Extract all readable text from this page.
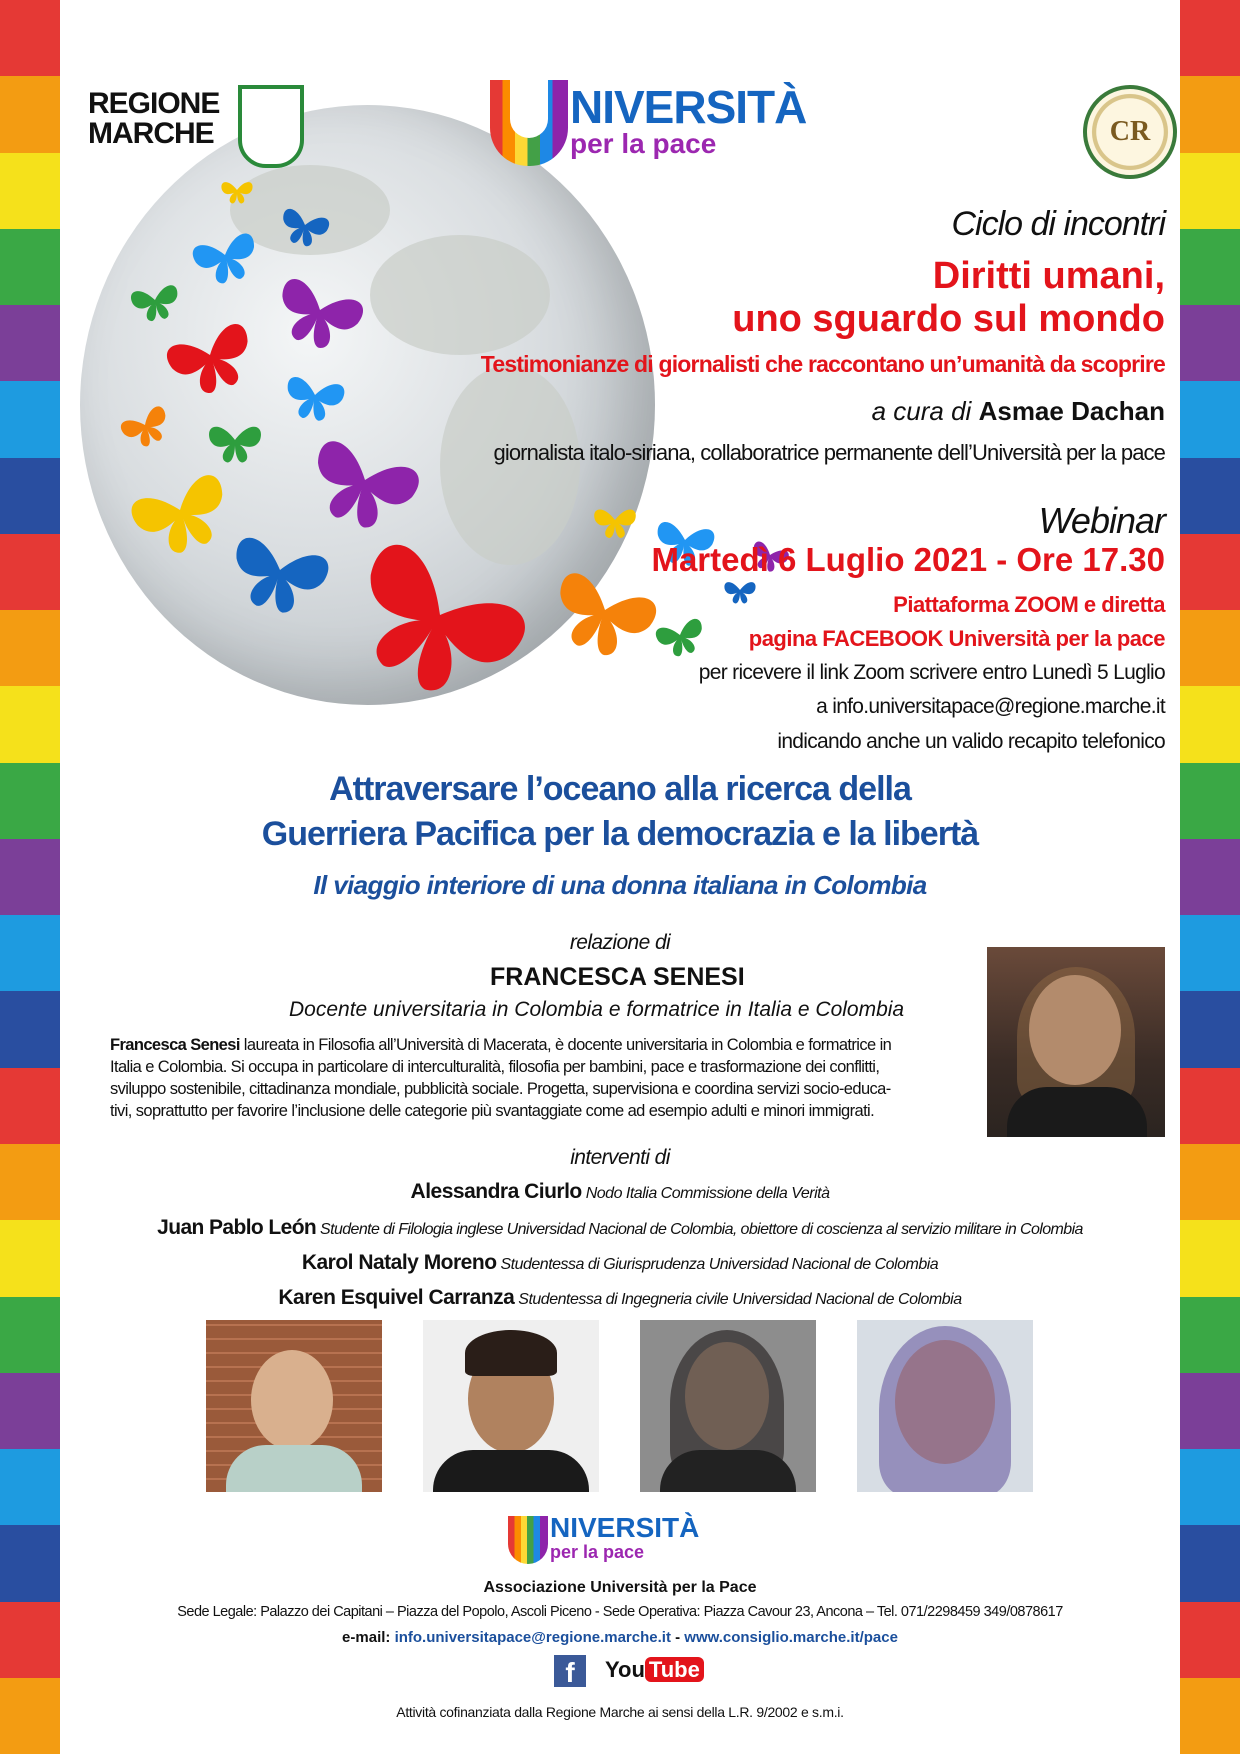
REGIONE
MARCHE
NIVERSITÀ
per la pace	CR
Ciclo di incontri
Diritti umani,
uno sguardo sul mondo
Testimonianze di giornalisti che raccontano un’umanità da scoprire
a cura di Asmae Dachan
giornalista italo-siriana, collaboratrice permanente dell’Università per la pace
Webinar
Martedì 6 Luglio 2021 - Ore 17.30
Piattaforma ZOOM e diretta
pagina FACEBOOK Università per la pace
per ricevere il link Zoom scrivere entro Lunedì 5 Luglio
a info.universitapace@regione.marche.it
indicando anche un valido recapito telefonico
Attraversare l’oceano alla ricerca della
Guerriera Pacifica per la democrazia e la libertà
Il viaggio interiore di una donna italiana in Colombia
relazione di
FRANCESCA SENESI
Docente universitaria in Colombia e formatrice in Italia e Colombia
Francesca Senesi laureata in Filosofia all’Università di Macerata, è docente universitaria in Colombia e formatrice in
Italia e Colombia. Si occupa in particolare di interculturalità, filosofia per bambini, pace e trasformazione dei conflitti,
sviluppo sostenibile, cittadinanza mondiale, pubblicità sociale. Progetta, supervisiona e coordina servizi socio-educa-
tivi, soprattutto per favorire l’inclusione delle categorie più svantaggiate come ad esempio adulti e minori immigrati.
interventi di
Alessandra Ciurlo Nodo Italia Commissione della Verità
Juan Pablo León Studente di Filologia inglese Universidad Nacional de Colombia, obiettore di coscienza al servizio militare in Colombia
Karol Nataly Moreno Studentessa di Giurisprudenza Universidad Nacional de Colombia
Karen Esquivel Carranza Studentessa di Ingegneria civile Universidad Nacional de Colombia
NIVERSITÀ
per la pace
Associazione Università per la Pace
Sede Legale: Palazzo dei Capitani – Piazza del Popolo, Ascoli Piceno - Sede Operativa: Piazza Cavour 23, Ancona – Tel. 071/2298459 349/0878617
e-mail: info.universitapace@regione.marche.it - www.consiglio.marche.it/pace
f	You Tube
Attività cofinanziata dalla Regione Marche ai sensi della L.R. 9/2002 e s.m.i.
